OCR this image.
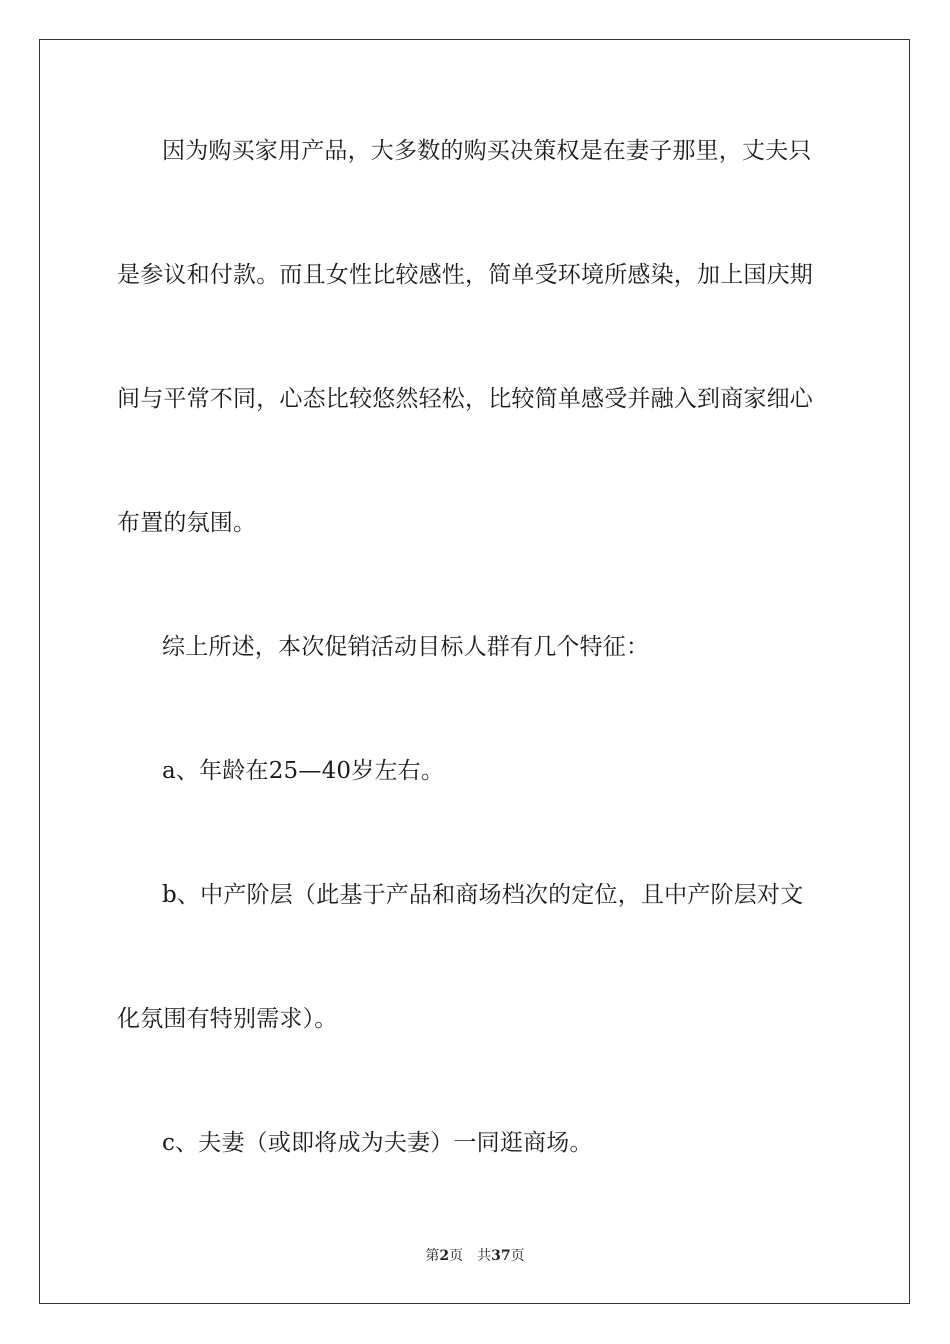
因为购买家用产品，大多数的购买决策权是在妻子那里，丈夫只
是参议和付款。而且女性比较感性，简单受环境所感染，加上国庆期
间与平常不同，心态比较悠然轻松，比较简单感受并融入到商家细心
布置的氛围。
综上所述，本次促销活动目标人群有几个特征：
a、年龄在25—40岁左右。
b、中产阶层（此基于产品和商场档次的定位，且中产阶层对文
化氛围有特别需求）。
c、夫妻（或即将成为夫妻）一同逛商场。
第2页 共37页
